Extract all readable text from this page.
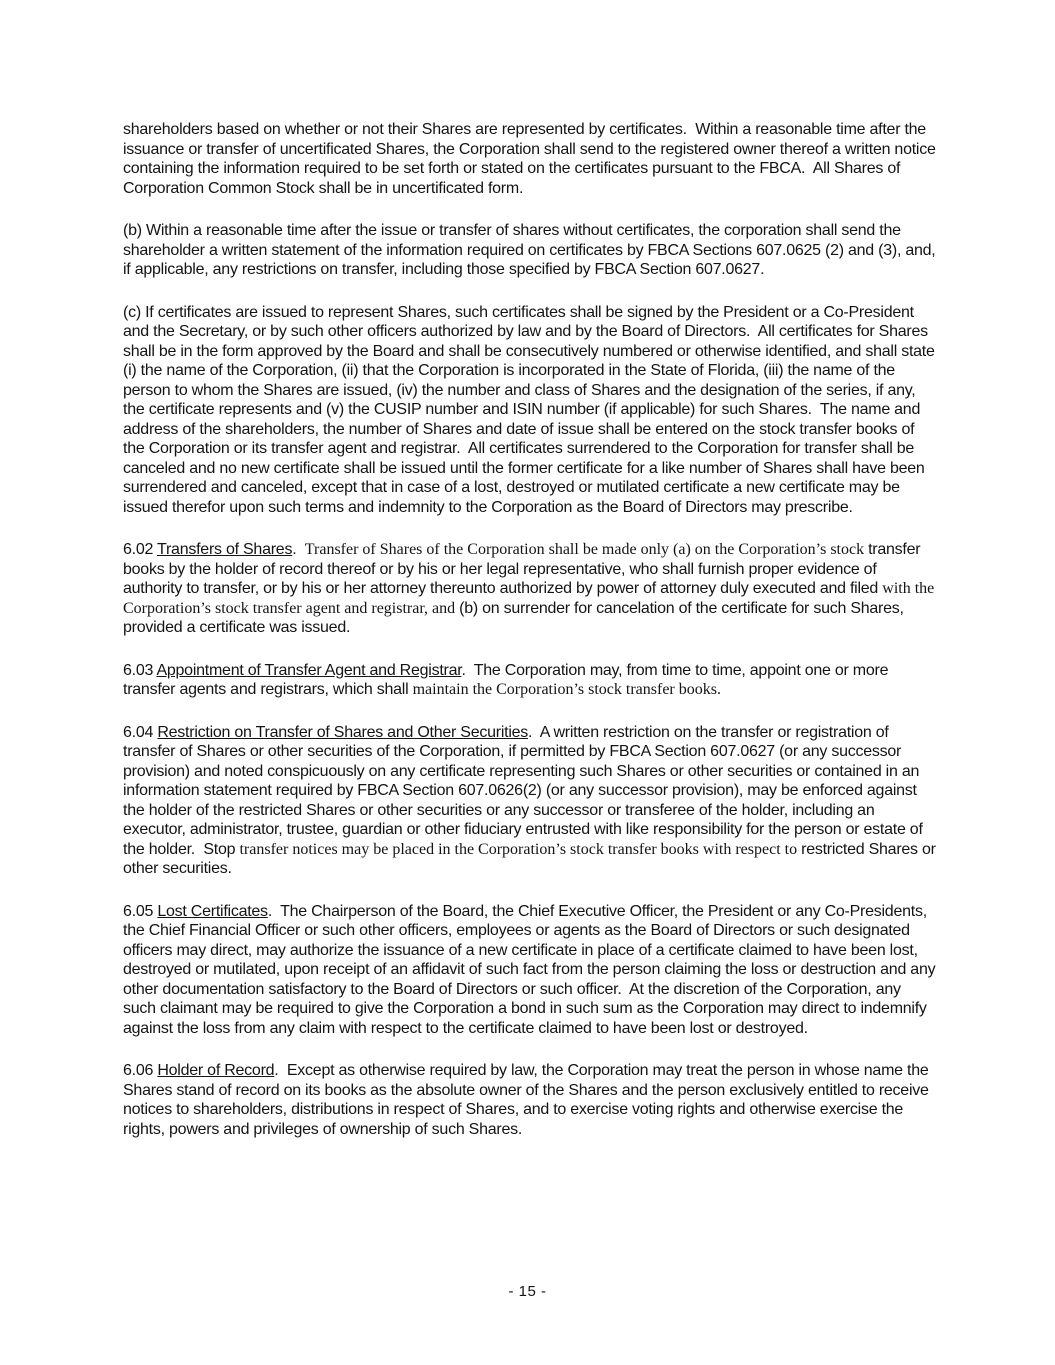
shareholders based on whether or not their Shares are represented by certificates.  Within a reasonable time after the issuance or transfer of uncertificated Shares, the Corporation shall send to the registered owner thereof a written notice containing the information required to be set forth or stated on the certificates pursuant to the FBCA.  All Shares of Corporation Common Stock shall be in uncertificated form.

(b) Within a reasonable time after the issue or transfer of shares without certificates, the corporation shall send the shareholder a written statement of the information required on certificates by FBCA Sections 607.0625 (2) and (3), and, if applicable, any restrictions on transfer, including those specified by FBCA Section 607.0627.

(c) If certificates are issued to represent Shares, such certificates shall be signed by the President or a Co-President and the Secretary, or by such other officers authorized by law and by the Board of Directors.  All certificates for Shares shall be in the form approved by the Board and shall be consecutively numbered or otherwise identified, and shall state (i) the name of the Corporation, (ii) that the Corporation is incorporated in the State of Florida, (iii) the name of the person to whom the Shares are issued, (iv) the number and class of Shares and the designation of the series, if any, the certificate represents and (v) the CUSIP number and ISIN number (if applicable) for such Shares.  The name and address of the shareholders, the number of Shares and date of issue shall be entered on the stock transfer books of the Corporation or its transfer agent and registrar.  All certificates surrendered to the Corporation for transfer shall be canceled and no new certificate shall be issued until the former certificate for a like number of Shares shall have been surrendered and canceled, except that in case of a lost, destroyed or mutilated certificate a new certificate may be issued therefor upon such terms and indemnity to the Corporation as the Board of Directors may prescribe.

6.02 Transfers of Shares.  Transfer of Shares of the Corporation shall be made only (a) on the Corporation’s stock transfer books by the holder of record thereof or by his or her legal representative, who shall furnish proper evidence of authority to transfer, or by his or her attorney thereunto authorized by power of attorney duly executed and filed with the Corporation’s stock transfer agent and registrar, and (b) on surrender for cancelation of the certificate for such Shares, provided a certificate was issued.

6.03 Appointment of Transfer Agent and Registrar.  The Corporation may, from time to time, appoint one or more transfer agents and registrars, which shall maintain the Corporation’s stock transfer books.

6.04 Restriction on Transfer of Shares and Other Securities.  A written restriction on the transfer or registration of transfer of Shares or other securities of the Corporation, if permitted by FBCA Section 607.0627 (or any successor provision) and noted conspicuously on any certificate representing such Shares or other securities or contained in an information statement required by FBCA Section 607.0626(2) (or any successor provision), may be enforced against the holder of the restricted Shares or other securities or any successor or transferee of the holder, including an executor, administrator, trustee, guardian or other fiduciary entrusted with like responsibility for the person or estate of the holder.  Stop transfer notices may be placed in the Corporation’s stock transfer books with respect to restricted Shares or other securities.

6.05 Lost Certificates.  The Chairperson of the Board, the Chief Executive Officer, the President or any Co-Presidents, the Chief Financial Officer or such other officers, employees or agents as the Board of Directors or such designated officers may direct, may authorize the issuance of a new certificate in place of a certificate claimed to have been lost, destroyed or mutilated, upon receipt of an affidavit of such fact from the person claiming the loss or destruction and any other documentation satisfactory to the Board of Directors or such officer.  At the discretion of the Corporation, any such claimant may be required to give the Corporation a bond in such sum as the Corporation may direct to indemnify against the loss from any claim with respect to the certificate claimed to have been lost or destroyed.

6.06 Holder of Record.  Except as otherwise required by law, the Corporation may treat the person in whose name the Shares stand of record on its books as the absolute owner of the Shares and the person exclusively entitled to receive notices to shareholders, distributions in respect of Shares, and to exercise voting rights and otherwise exercise the rights, powers and privileges of ownership of such Shares.

- 15 -
